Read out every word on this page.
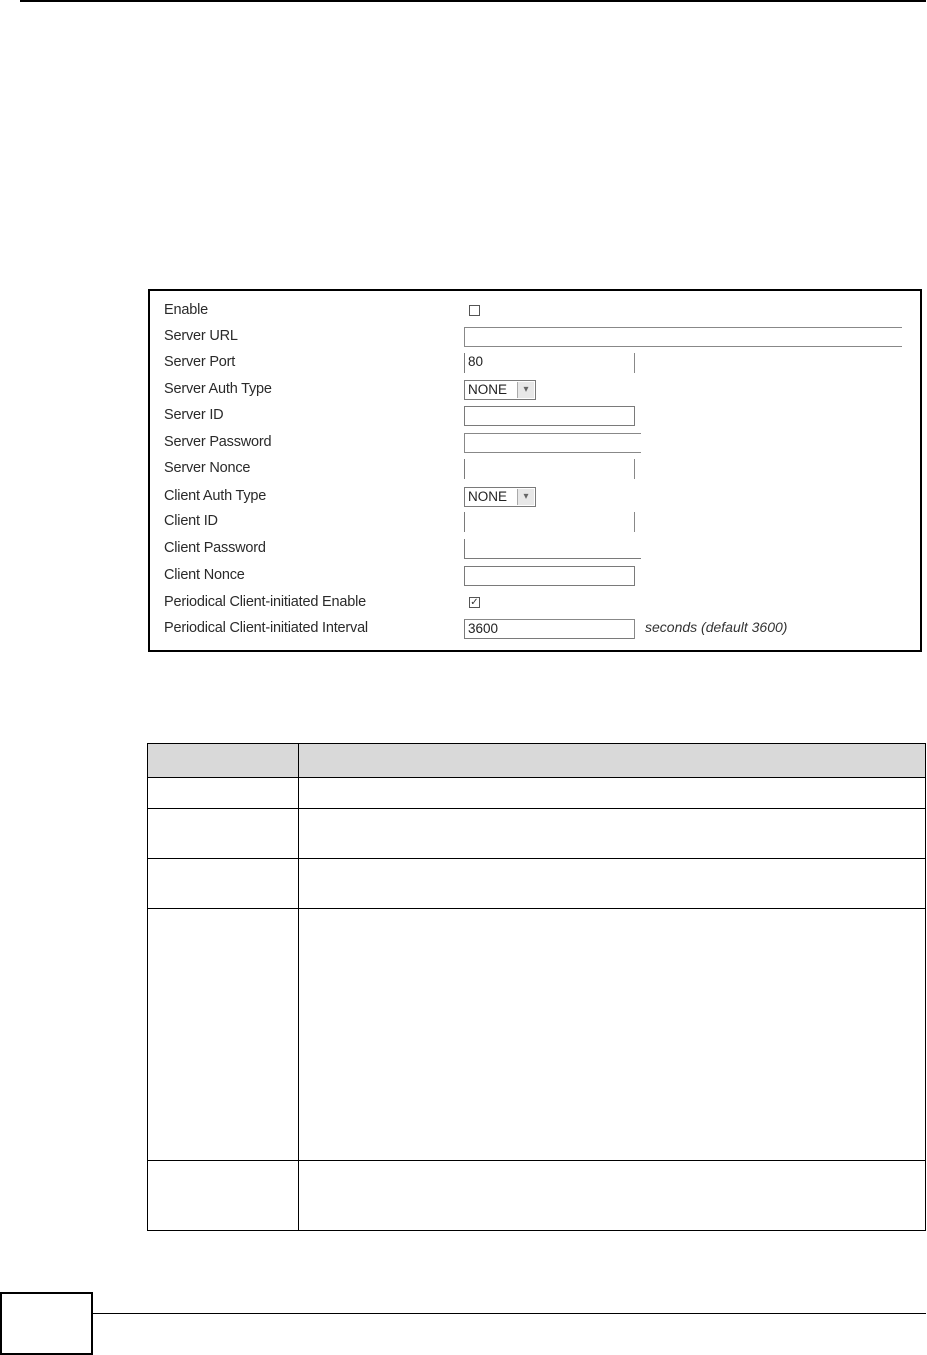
Enable
Server URL
Server Port	80
Server Auth Type	NONE	▾
Server ID
Server Password
Server Nonce
Client Auth Type	NONE	▾
Client ID
Client Password
Client Nonce
Periodical Client-initiated Enable	✓
Periodical Client-initiated Interval	3600	seconds (default 3600)
